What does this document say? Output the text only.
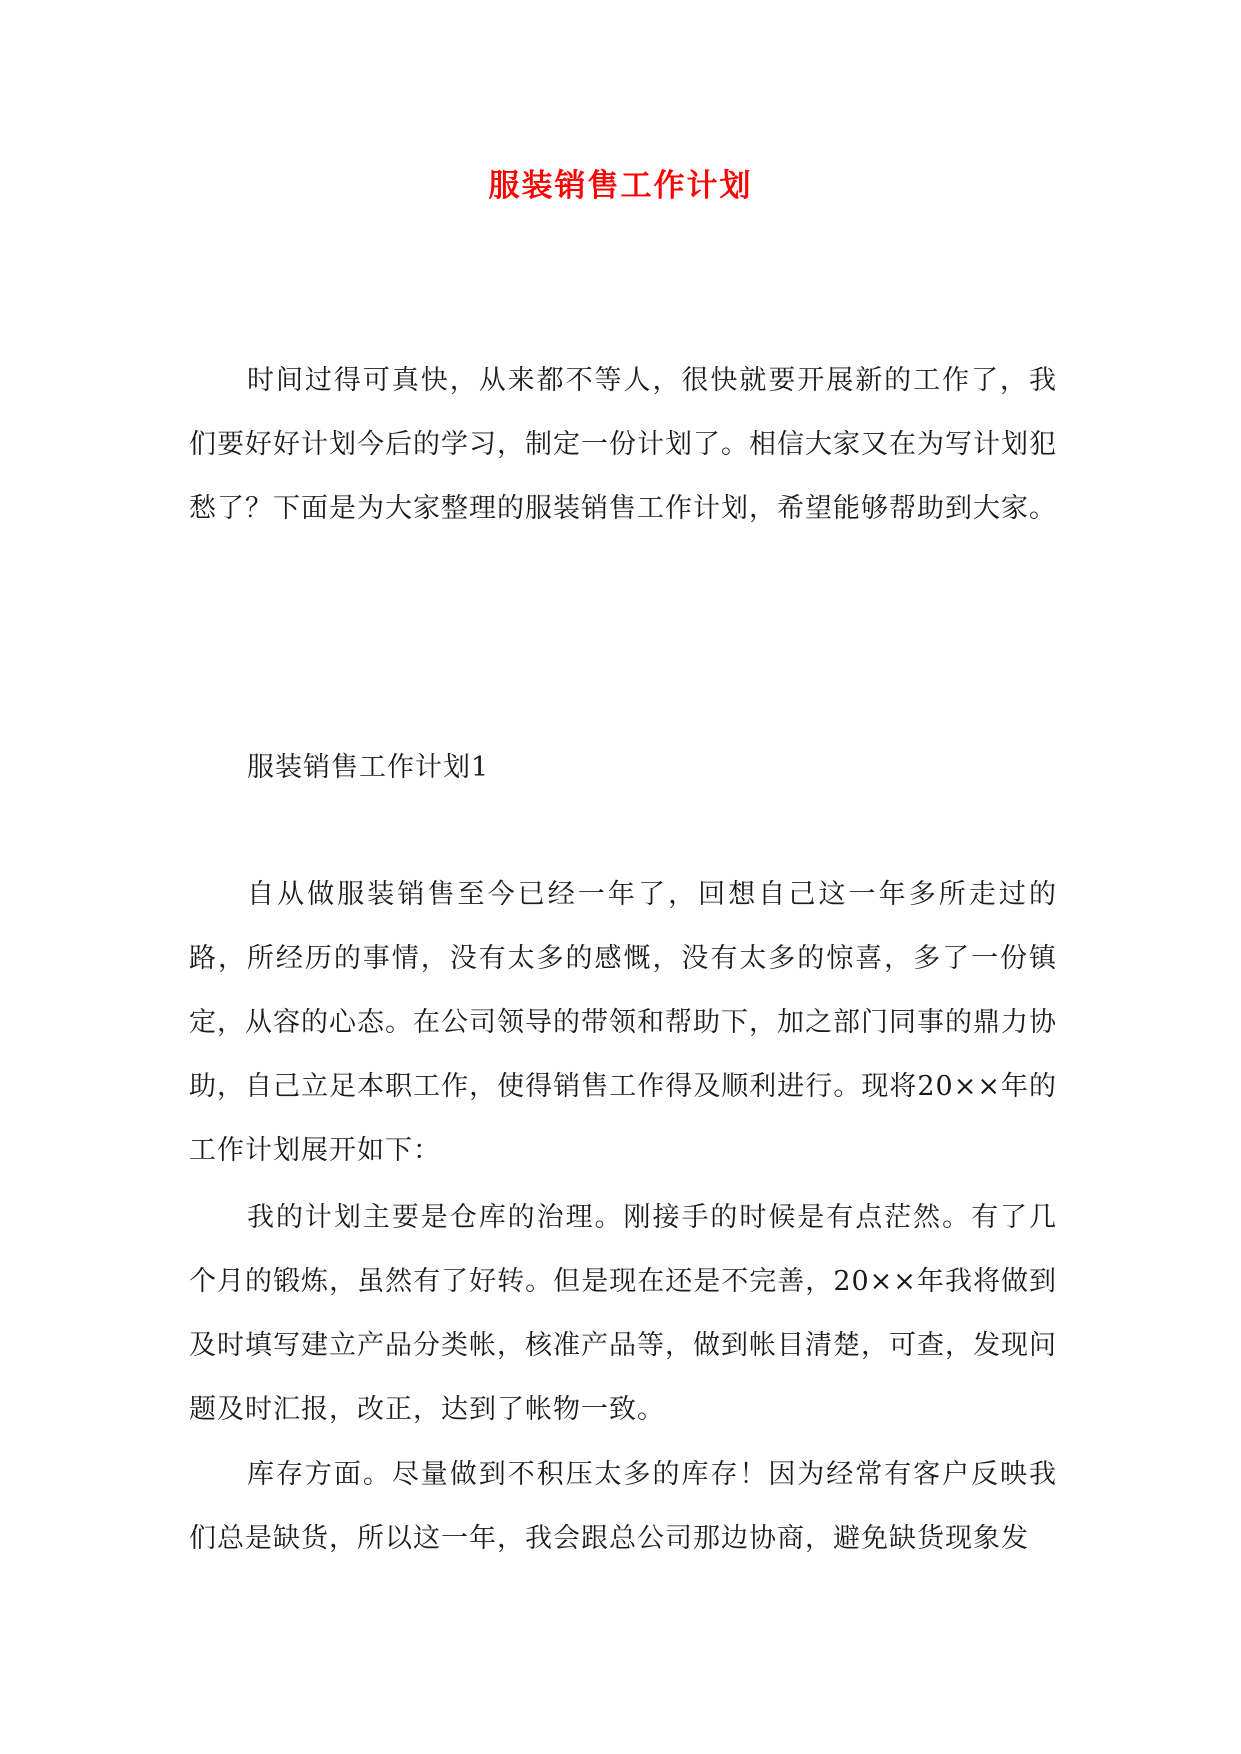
服装销售工作计划

时间过得可真快，从来都不等人，很快就要开展新的工作了，我们要好好计划今后的学习，制定一份计划了。相信大家又在为写计划犯愁了？下面是为大家整理的服装销售工作计划，希望能够帮助到大家。

服装销售工作计划1

自从做服装销售至今已经一年了，回想自己这一年多所走过的路，所经历的事情，没有太多的感慨，没有太多的惊喜，多了一份镇定，从容的心态。在公司领导的带领和帮助下，加之部门同事的鼎力协助，自己立足本职工作，使得销售工作得及顺利进行。现将20××年的工作计划展开如下：

我的计划主要是仓库的治理。刚接手的时候是有点茫然。有了几个月的锻炼，虽然有了好转。但是现在还是不完善，20××年我将做到及时填写建立产品分类帐，核准产品等，做到帐目清楚，可查，发现问题及时汇报，改正，达到了帐物一致。

库存方面。尽量做到不积压太多的库存！因为经常有客户反映我们总是缺货，所以这一年，我会跟总公司那边协商，避免缺货现象发
